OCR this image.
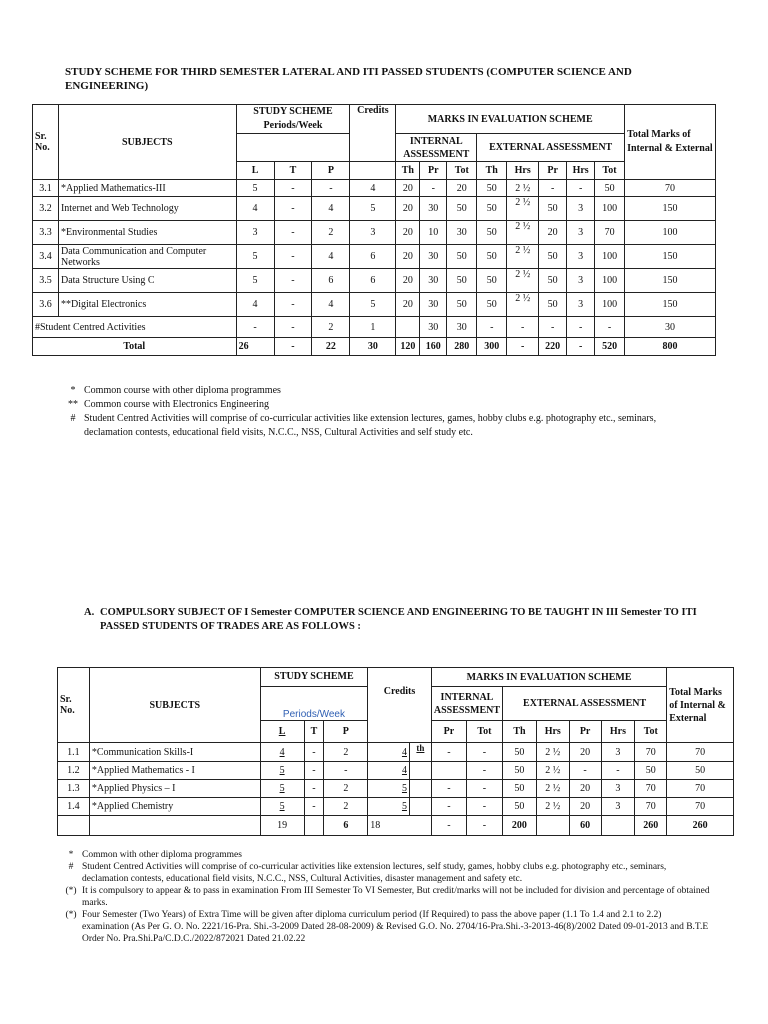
STUDY SCHEME FOR THIRD SEMESTER LATERAL AND ITI PASSED STUDENTS (COMPUTER SCIENCE AND ENGINEERING)
Sr. No.	SUBJECTS	STUDY SCHEME Periods/Week			Credits	MARKS IN EVALUATION SCHEME								Total Marks of Internal & External
						INTERNAL ASSESSMENT			EXTERNAL ASSESSMENT					
		L	T	P		Th	Pr	Tot	Th	Hrs	Pr	Hrs	Tot	
3.1	*Applied Mathematics-III	5	-	-	4	20	-	20	50	2 ½	-	-	50	70
3.2	Internet and Web Technology	4	-	4	5	20	30	50	50	2 ½	50	3	100	150
3.3	*Environmental Studies	3	-	2	3	20	10	30	50	2 ½	20	3	70	100
3.4	Data Communication and Computer Networks	5	-	4	6	20	30	50	50	2 ½	50	3	100	150
3.5	Data Structure Using C	5	-	6	6	20	30	50	50	2 ½	50	3	100	150
3.6	**Digital Electronics	4	-	4	5	20	30	50	50	2 ½	50	3	100	150
#Student Centred Activities		-	-	2	1		30	30	-	-	-	-	-	30
Total		26	-	22	30	120	160	280	300	-	220	-	520	800
* Common course with other diploma programmes
** Common course with Electronics Engineering
# Student Centred Activities will comprise of co-curricular activities like extension lectures, games, hobby clubs e.g. photography etc., seminars, declamation contests, educational field visits, N.C.C., NSS, Cultural Activities and self study etc.
A. COMPULSORY SUBJECT OF I Semester COMPUTER SCIENCE AND ENGINEERING TO BE TAUGHT IN III Semester TO ITI PASSED STUDENTS OF TRADES ARE AS FOLLOWS :
Sr. No.	SUBJECTS	STUDY SCHEME			Credits		MARKS IN EVALUATION SCHEME							Total Marks of Internal & External
		Periods/Week					INTERNAL ASSESSMENT		EXTERNAL ASSESSMENT					
		L	T	P			Pr	Tot	Th	Hrs	Pr	Hrs	Tot	
1.1	*Communication Skills-I	4	-	2	4	th	-	-	50	2 ½	20	3	70	70
1.2	*Applied Mathematics - I	5	-	-	4			-	50	2 ½	-	-	50	50
1.3	*Applied Physics – I	5	-	2	5		-	-	50	2 ½	20	3	70	70
1.4	*Applied Chemistry	5	-	2	5		-	-	50	2 ½	20	3	70	70
		19		6	18		-	-	200		60		260	260
* Common with other diploma programmes
# Student Centred Activities will comprise of co-curricular activities like extension lectures, self study, games, hobby clubs e.g. photography etc., seminars, declamation contests, educational field visits, N.C.C., NSS, Cultural Activities, disaster management and safety etc.
(*) It is compulsory to appear & to pass in examination From III Semester To VI Semester, But credit/marks will not be included for division and percentage of obtained marks.
(*) Four Semester (Two Years) of Extra Time will be given after diploma curriculum period (If Required) to pass the above paper (1.1 To 1.4 and 2.1 to 2.2) examination (As Per G. O. No. 2221/16-Pra. Shi.-3-2009 Dated 28-08-2009) & Revised G.O. No. 2704/16-Pra.Shi.-3-2013-46(8)/2002 Dated 09-01-2013 and B.T.E Order No. Pra.Shi.Pa/C.D.C./2022/872021 Dated 21.02.22
